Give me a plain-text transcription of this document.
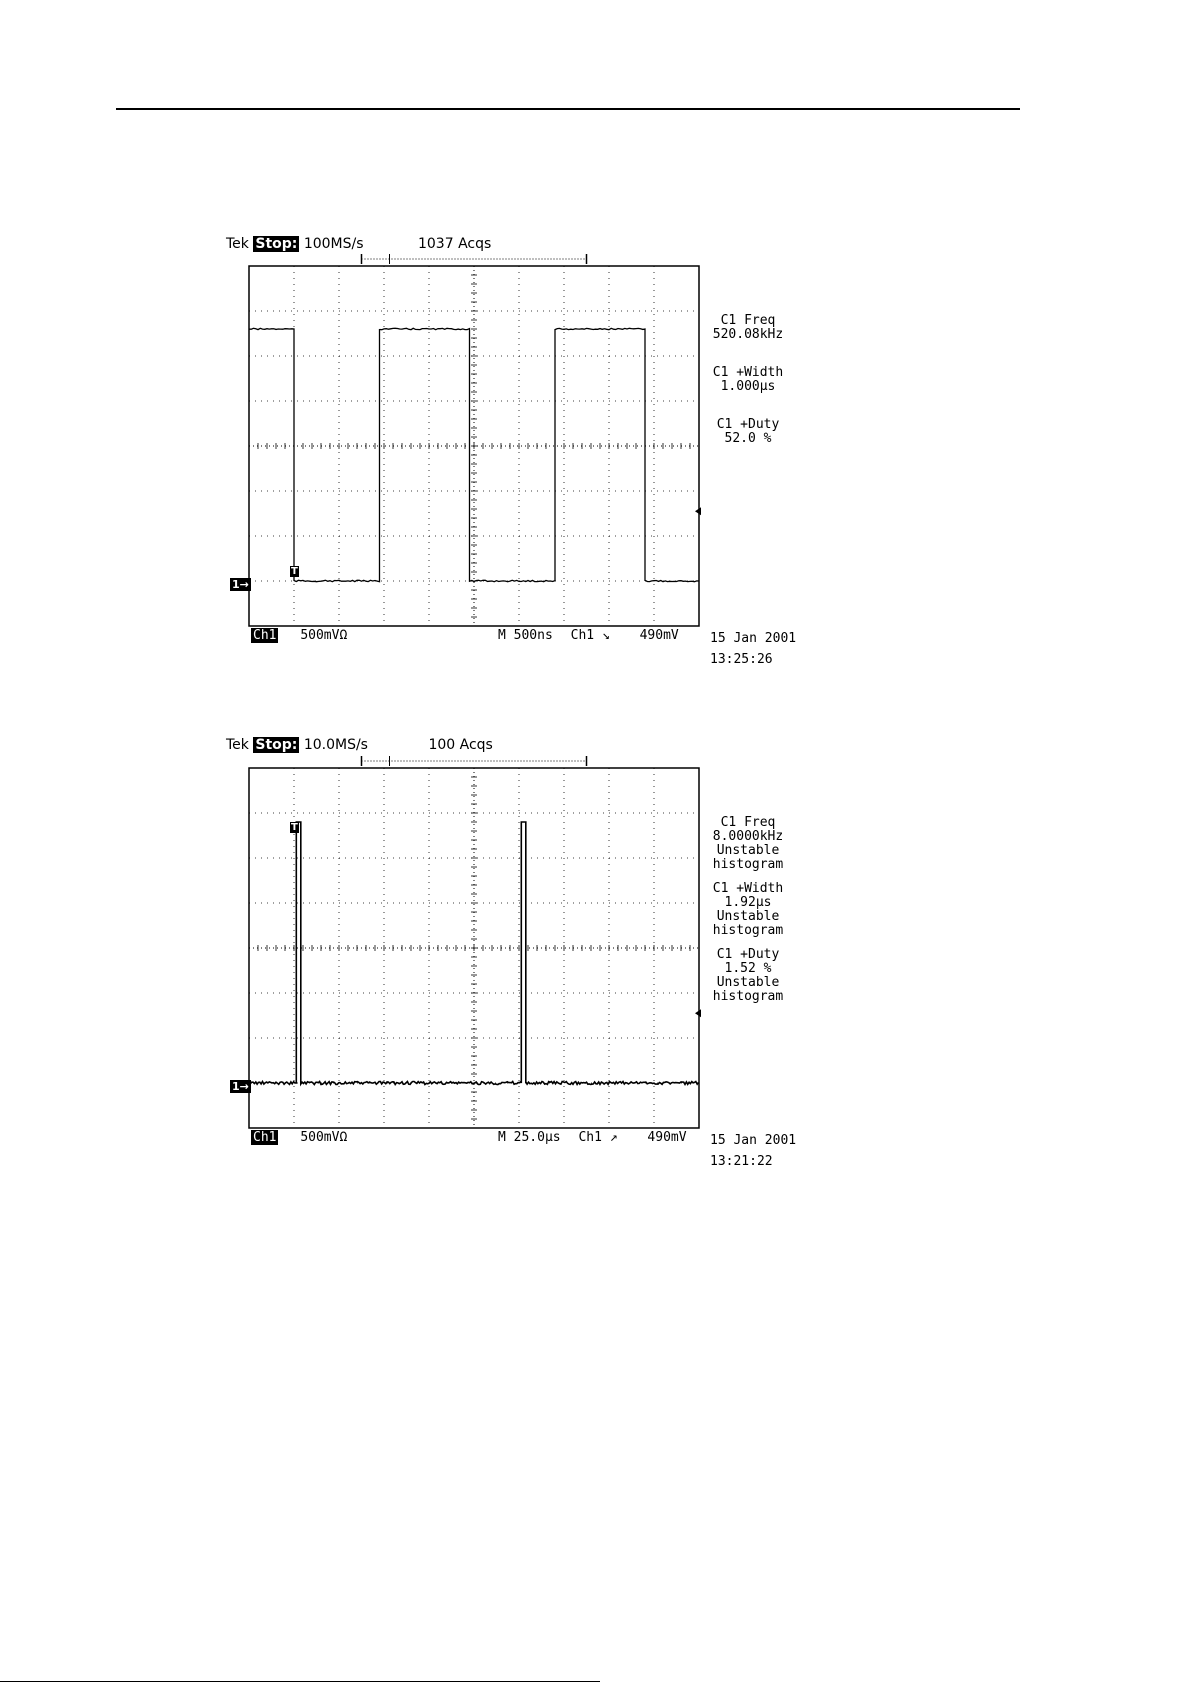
Tek Stop: 100MS/s	1037 Acqs
1→
T
C1 Freq
520.08kHz
C1 +Width
1.000µs
C1 +Duty
52.0 %
Ch1 500mVΩ	M 500ns Ch1 ↘ 490mV 15 Jan 2001
13:25:26
Tek Stop: 10.0MS/s	100 Acqs
1→
T	C1 Freq
8.0000kHz
Unstable
histogram
C1 +Width
1.92µs
Unstable
histogram
C1 +Duty
1.52 %
Unstable
histogram
Ch1 500mVΩ	M 25.0µs Ch1 ↗ 490mV 15 Jan 2001
13:21:22
